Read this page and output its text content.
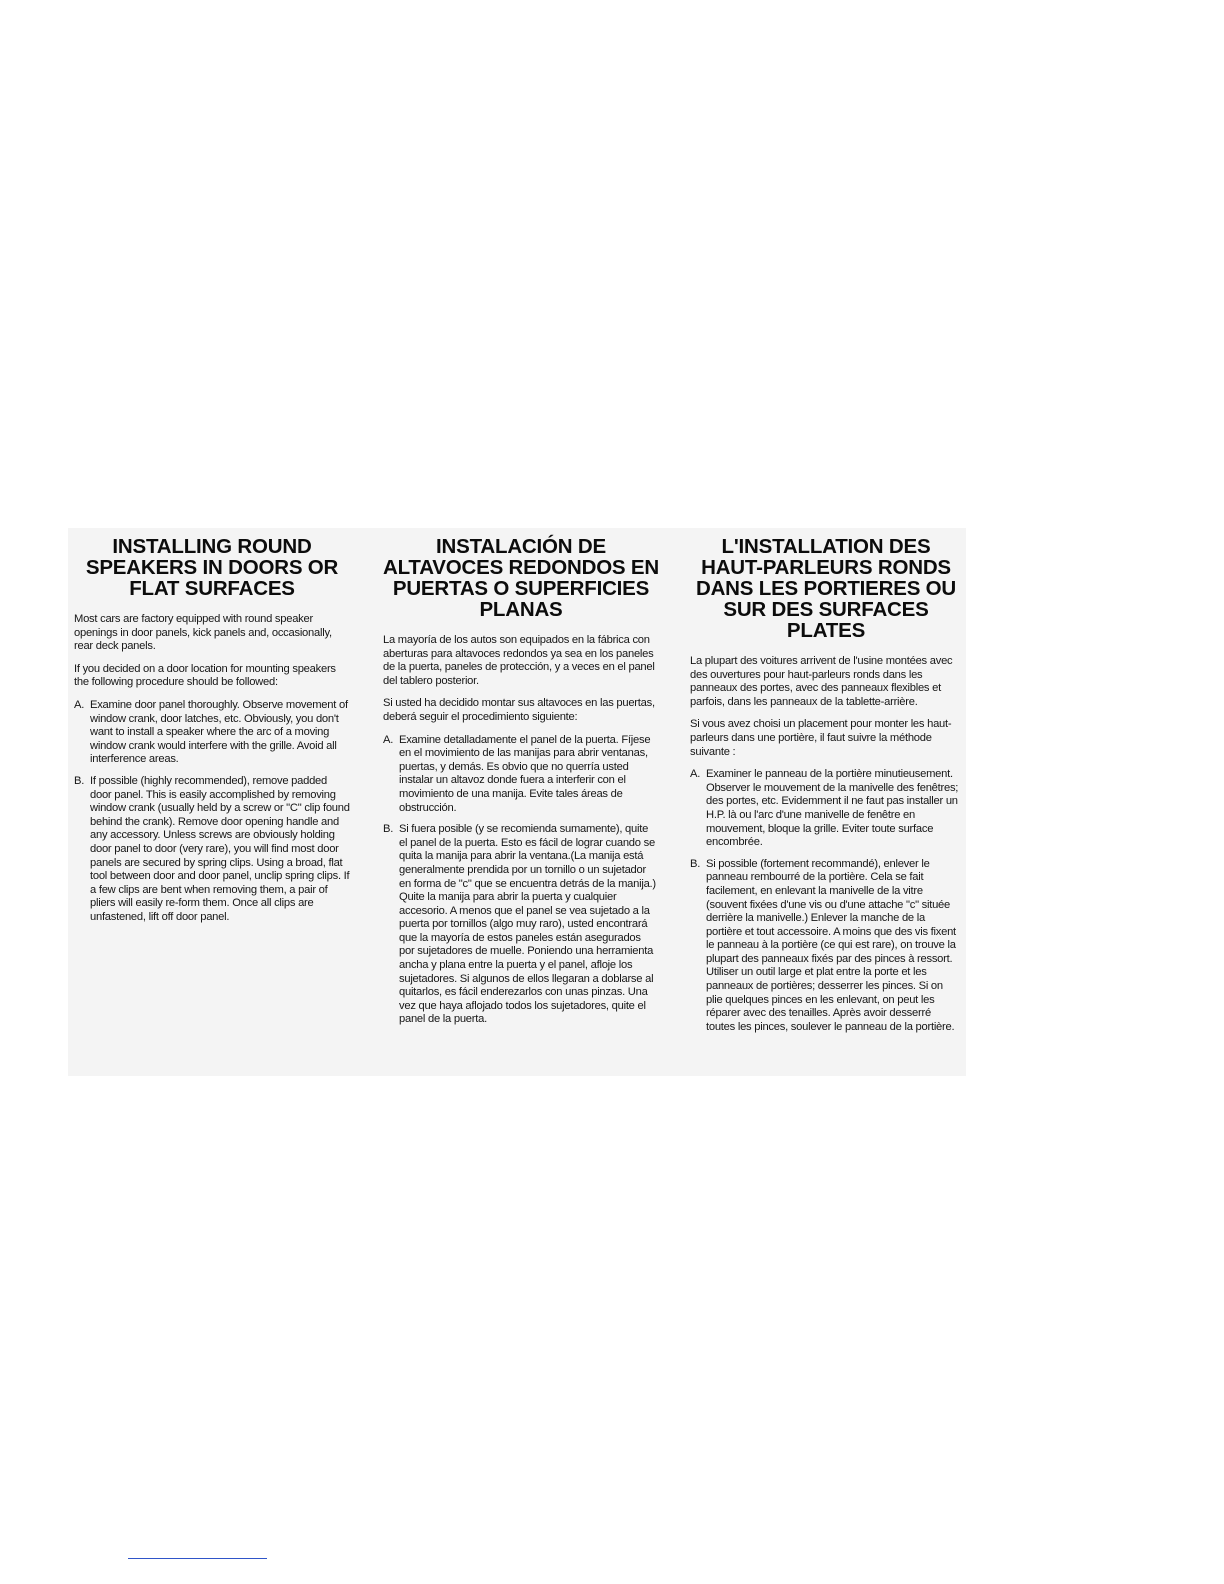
INSTALLING ROUND SPEAKERS IN DOORS OR FLAT SURFACES

Most cars are factory equipped with round speaker openings in door panels, kick panels and, occasionally, rear deck panels.

If you decided on a door location for mounting speakers the following procedure should be followed:

A. Examine door panel thoroughly. Observe movement of window crank, door latches, etc. Obviously, you don't want to install a speaker where the arc of a moving window crank would interfere with the grille. Avoid all interference areas.
B. If possible (highly recommended), remove padded door panel. This is easily accomplished by removing window crank (usually held by a screw or "C" clip found behind the crank). Remove door opening handle and any accessory. Unless screws are obviously holding door panel to door (very rare), you will find most door panels are secured by spring clips. Using a broad, flat tool between door and door panel, unclip spring clips. If a few clips are bent when removing them, a pair of pliers will easily re-form them. Once all clips are unfastened, lift off door panel.
INSTALACIÓN DE ALTAVOCES REDONDOS EN PUERTAS O SUPERFICIES PLANAS

La mayoría de los autos son equipados en la fábrica con aberturas para altavoces redondos ya sea en los paneles de la puerta, paneles de protección, y a veces en el panel del tablero posterior.

Si usted ha decidido montar sus altavoces en las puertas, deberá seguir el procedimiento siguiente:

A. Examine detalladamente el panel de la puerta. Fíjese en el movimiento de las manijas para abrir ventanas, puertas, y demás. Es obvio que no querría usted instalar un altavoz donde fuera a interferir con el movimiento de una manija. Evite tales áreas de obstrucción.
B. Si fuera posible (y se recomienda sumamente), quite el panel de la puerta. Esto es fácil de lograr cuando se quita la manija para abrir la ventana.(La manija está generalmente prendida por un tornillo o un sujetador en forma de "c" que se encuentra detrás de la manija.) Quite la manija para abrir la puerta y cualquier accesorio. A menos que el panel se vea sujetado a la puerta por tornillos (algo muy raro), usted encontrará que la mayoría de estos paneles están asegurados por sujetadores de muelle. Poniendo una herramienta ancha y plana entre la puerta y el panel, afloje los sujetadores. Si algunos de ellos llegaran a doblarse al quitarlos, es fácil enderezarlos con unas pinzas. Una vez que haya aflojado todos los sujetadores, quite el panel de la puerta.
L'INSTALLATION DES HAUT-PARLEURS RONDS DANS LES PORTIERES OU SUR DES SURFACES PLATES

La plupart des voitures arrivent de l'usine montées avec des ouvertures pour haut-parleurs ronds dans les panneaux des portes, avec des panneaux flexibles et parfois, dans les panneaux de la tablette-arrière.

Si vous avez choisi un placement pour monter les haut-parleurs dans une portière, il faut suivre la méthode suivante :

A. Examiner le panneau de la portière minutieusement. Observer le mouvement de la manivelle des fenêtres; des portes, etc. Evidemment il ne faut pas installer un H.P. là ou l'arc d'une manivelle de fenêtre en mouvement, bloque la grille. Eviter toute surface encombrée.
B. Si possible (fortement recommandé), enlever le panneau rembourré de la portière. Cela se fait facilement, en enlevant la manivelle de la vitre (souvent fixées d'une vis ou d'une attache "c" située derrière la manivelle.) Enlever la manche de la portière et tout accessoire. A moins que des vis fixent le panneau à la portière (ce qui est rare), on trouve la plupart des panneaux fixés par des pinces à ressort. Utiliser un outil large et plat entre la porte et les panneaux de portières; desserrer les pinces. Si on plie quelques pinces en les enlevant, on peut les réparer avec des tenailles. Après avoir desserré toutes les pinces, soulever le panneau de la portière.
